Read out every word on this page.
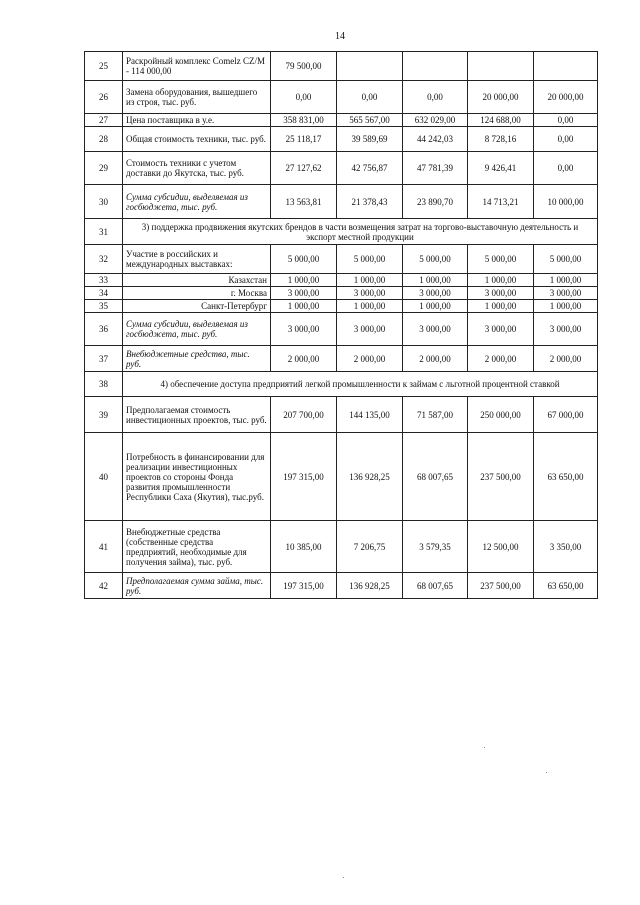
14
25	Раскройный комплекс Comelz CZ/M - 114 000,00	79 500,00				
26	Замена оборудования, вышедшего из строя, тыс. руб.	0,00	0,00	0,00	20 000,00	20 000,00
27	Цена поставщика в у.е.	358 831,00	565 567,00	632 029,00	124 688,00	0,00
28	Общая стоимость техники, тыс. руб.	25 118,17	39 589,69	44 242,03	8 728,16	0,00
29	Стоимость техники с учетом доставки до Якутска, тыс. руб.	27 127,62	42 756,87	47 781,39	9 426,41	0,00
30	Сумма субсидии, выделяемая из госбюджета, тыс. руб.	13 563,81	21 378,43	23 890,70	14 713,21	10 000,00
31	3) поддержка продвижения якутских брендов в части возмещения затрат на торгово-выставочную деятельность и экспорт местной продукции					
32	Участие в российских и международных выставках:	5 000,00	5 000,00	5 000,00	5 000,00	5 000,00
33	Казахстан	1 000,00	1 000,00	1 000,00	1 000,00	1 000,00
34	г. Москва	3 000,00	3 000,00	3 000,00	3 000,00	3 000,00
35	Санкт-Петербург	1 000,00	1 000,00	1 000,00	1 000,00	1 000,00
36	Сумма субсидии, выделяемая из госбюджета, тыс. руб.	3 000,00	3 000,00	3 000,00	3 000,00	3 000,00
37	Внебюджетные средства, тыс. руб.	2 000,00	2 000,00	2 000,00	2 000,00	2 000,00
38	4) обеспечение доступа предприятий легкой промышленности к займам с льготной процентной ставкой					
39	Предполагаемая стоимость инвестиционных проектов, тыс. руб.	207 700,00	144 135,00	71 587,00	250 000,00	67 000,00
40	Потребность в финансировании для реализации инвестиционных проектов со стороны Фонда развития промышленности Республики Саха (Якутия), тыс.руб.	197 315,00	136 928,25	68 007,65	237 500,00	63 650,00
41	Внебюджетные средства (собственные средства предприятий, необходимые для получения займа), тыс. руб.	10 385,00	7 206,75	3 579,35	12 500,00	3 350,00
42	Предполагаемая сумма займа, тыс. руб.	197 315,00	136 928,25	68 007,65	237 500,00	63 650,00
